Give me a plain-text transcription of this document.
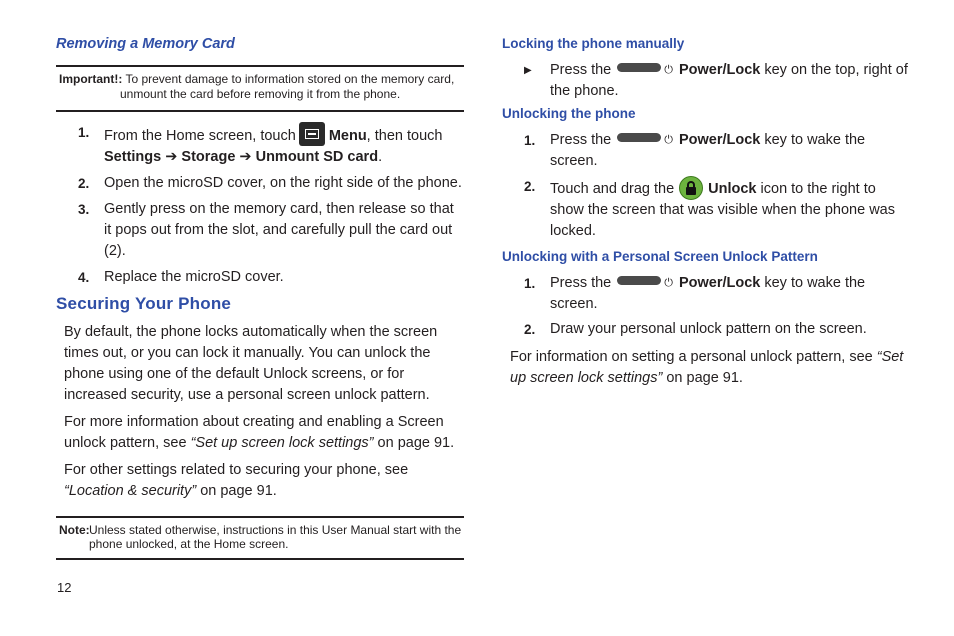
Removing a Memory Card
Important!: To prevent damage to information stored on the memory card,
unmount the card before removing it from the phone.
1.	From the Home screen, touch Menu, then touch
Settings ➔ Storage ➔ Unmount SD card.
2.	Open the microSD cover, on the right side of the phone.
3.	Gently press on the memory card, then release so that it pops out from the slot, and carefully pull the card out (2).
4.	Replace the microSD cover.
Securing Your Phone

By default, the phone locks automatically when the screen times out, or you can lock it manually. You can unlock the phone using one of the default Unlock screens, or for increased security, use a personal screen unlock pattern.

For more information about creating and enabling a Screen unlock pattern, see “Set up screen lock settings” on page 91.

For other settings related to securing your phone, see “Location & security” on page 91.

Note: Unless stated otherwise, instructions in this User Manual start with the phone unlocked, at the Home screen.
Locking the phone manually
▶	Press the	⏻ Power/Lock key on the top, right of the phone.
Unlocking the phone
1.	Press the	⏻ Power/Lock key to wake the screen.
2.	Touch and drag the Unlock icon to the right to show the screen that was visible when the phone was locked.
Unlocking with a Personal Screen Unlock Pattern
1.	Press the	⏻ Power/Lock key to wake the screen.
2.	Draw your personal unlock pattern on the screen.

For information on setting a personal unlock pattern, see “Set up screen lock settings” on page 91.

12
